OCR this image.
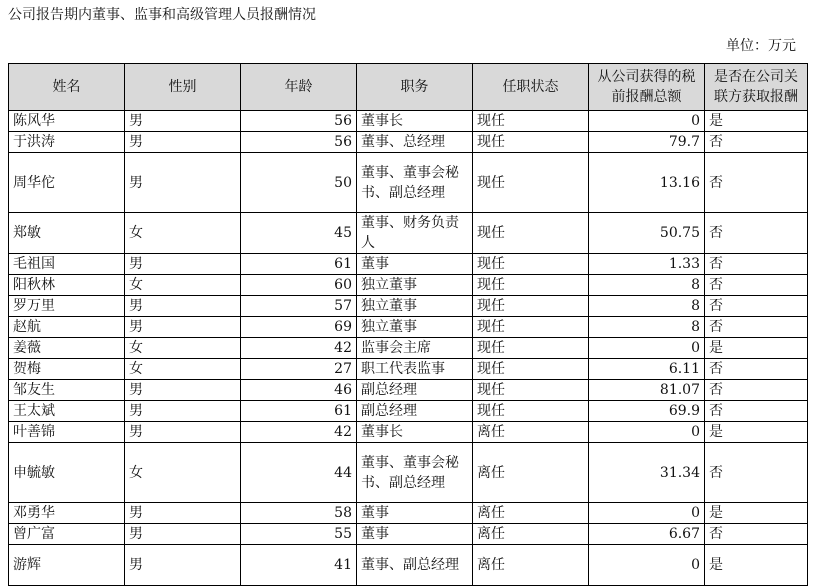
公司报告期内董事、监事和高级管理人员报酬情况
单位：万元
姓名	性别	年龄	职务	任职状态	从公司获得的税前报酬总额	是否在公司关联方获取报酬
陈风华	男	56	董事长	现任	0	是
于洪涛	男	56	董事、总经理	现任	79.7	否
周华佗	男	50	董事、董事会秘书、副总经理	现任	13.16	否
郑敏	女	45	董事、财务负责人	现任	50.75	否
毛祖国	男	61	董事	现任	1.33	否
阳秋林	女	60	独立董事	现任	8	否
罗万里	男	57	独立董事	现任	8	否
赵航	男	69	独立董事	现任	8	否
姜薇	女	42	监事会主席	现任	0	是
贺梅	女	27	职工代表监事	现任	6.11	否
邹友生	男	46	副总经理	现任	81.07	否
王太斌	男	61	副总经理	现任	69.9	否
叶善锦	男	42	董事长	离任	0	是
申毓敏	女	44	董事、董事会秘书、副总经理	离任	31.34	否
邓勇华	男	58	董事	离任	0	是
曾广富	男	55	董事	离任	6.67	否
游辉	男	41	董事、副总经理	离任	0	是
